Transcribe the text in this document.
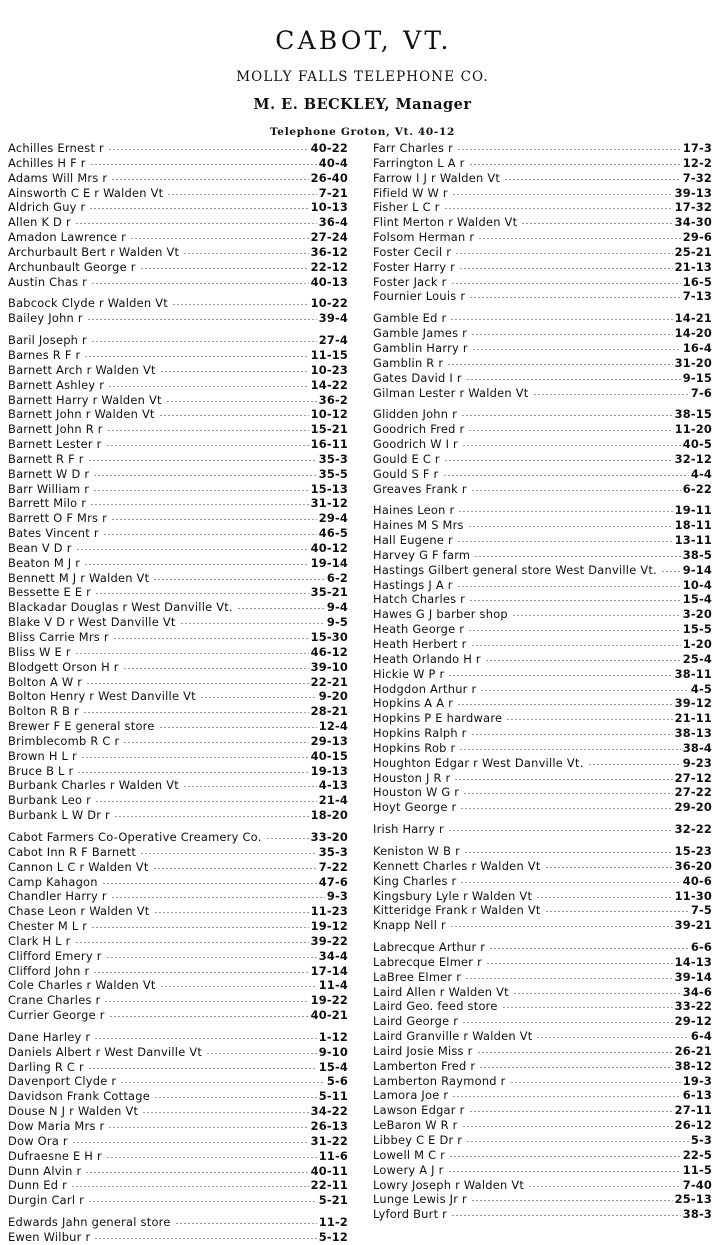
CABOT, VT.
MOLLY FALLS TELEPHONE CO.
M. E. BECKLEY, Manager
Telephone Groton, Vt. 40-12
Achilles Ernest r	40-22
Achilles H F r	40-4
Adams Will Mrs r	26-40
Ainsworth C E r Walden Vt	7-21
Aldrich Guy r	10-13
Allen K D r	36-4
Amadon Lawrence r	27-24
Archurbault Bert r Walden Vt	36-12
Archunbault George r	22-12
Austin Chas r	40-13
Babcock Clyde r Walden Vt	10-22
Bailey John r	39-4
Baril Joseph r	27-4
Barnes R F r	11-15
Barnett Arch r Walden Vt	10-23
Barnett Ashley r	14-22
Barnett Harry r Walden Vt	36-2
Barnett John r Walden Vt	10-12
Barnett John R r	15-21
Barnett Lester r	16-11
Barnett R F r	35-3
Barnett W D r	35-5
Barr William r	15-13
Barrett Milo r	31-12
Barrett O F Mrs r	29-4
Bates Vincent r	46-5
Bean V D r	40-12
Beaton M J r	19-14
Bennett M J r Walden Vt	6-2
Bessette E E r	35-21
Blackadar Douglas r West Danville Vt.	9-4
Blake V D r West Danville Vt	9-5
Bliss Carrie Mrs r	15-30
Bliss W E r	46-12
Blodgett Orson H r	39-10
Bolton A W r	22-21
Bolton Henry r West Danville Vt	9-20
Bolton R B r	28-21
Brewer F E general store	12-4
Brimblecomb R C r	29-13
Brown H L r	40-15
Bruce B L r	19-13
Burbank Charles r Walden Vt	4-13
Burbank Leo r	21-4
Burbank L W Dr r	18-20
Cabot Farmers Co-Operative Creamery Co.	33-20
Cabot Inn R F Barnett	35-3
Cannon L C r Walden Vt	7-22
Camp Kahagon	47-6
Chandler Harry r	9-3
Chase Leon r Walden Vt	11-23
Chester M L r	19-12
Clark H L r	39-22
Clifford Emery r	34-4
Clifford John r	17-14
Cole Charles r Walden Vt	11-4
Crane Charles r	19-22
Currier George r	40-21
Dane Harley r	1-12
Daniels Albert r West Danville Vt	9-10
Darling R C r	15-4
Davenport Clyde r	5-6
Davidson Frank Cottage	5-11
Douse N J r Walden Vt	34-22
Dow Maria Mrs r	26-13
Dow Ora r	31-22
Dufraesne E H r	11-6
Dunn Alvin r	40-11
Dunn Ed r	22-11
Durgin Carl r	5-21
Edwards Jahn general store	11-2
Ewen Wilbur r	5-12
Farr Charles r	17-3
Farrington L A r	12-2
Farrow I J r Walden Vt	7-32
Fifield W W r	39-13
Fisher L C r	17-32
Flint Merton r Walden Vt	34-30
Folsom Herman r	29-6
Foster Cecil r	25-21
Foster Harry r	21-13
Foster Jack r	16-5
Fournier Louis r	7-13
Gamble Ed r	14-21
Gamble James r	14-20
Gamblin Harry r	16-4
Gamblin R r	31-20
Gates David I r	9-15
Gilman Lester r Walden Vt	7-6
Glidden John r	38-15
Goodrich Fred r	11-20
Goodrich W I r	40-5
Gould E C r	32-12
Gould S F r	4-4
Greaves Frank r	6-22
Haines Leon r	19-11
Haines M S Mrs	18-11
Hall Eugene r	13-11
Harvey G F farm	38-5
Hastings Gilbert general store West Danville Vt. 9-14
Hastings J A r	10-4
Hatch Charles r	15-4
Hawes G J barber shop	3-20
Heath George r	15-5
Heath Herbert r	1-20
Heath Orlando H r	25-4
Hickie W P r	38-11
Hodgdon Arthur r	4-5
Hopkins A A r	39-12
Hopkins P E hardware	21-11
Hopkins Ralph r	38-13
Hopkins Rob r	38-4
Houghton Edgar r West Danville Vt.	9-23
Houston J R r	27-12
Houston W G r	27-22
Hoyt George r	29-20
Irish Harry r	32-22
Keniston W B r	15-23
Kennett Charles r Walden Vt	36-20
King Charles r	40-6
Kingsbury Lyle r Walden Vt	11-30
Kitteridge Frank r Walden Vt	7-5
Knapp Nell r	39-21
Labrecque Arthur r	6-6
Labrecque Elmer r	14-13
LaBree Elmer r	39-14
Laird Allen r Walden Vt	34-6
Laird Geo. feed store	33-22
Laird George r	29-12
Laird Granville r Walden Vt	6-4
Laird Josie Miss r	26-21
Lamberton Fred r	38-12
Lamberton Raymond r	19-3
Lamora Joe r	6-13
Lawson Edgar r	27-11
LeBaron W R r	26-12
Libbey C E Dr r	5-3
Lowell M C r	22-5
Lowery A J r	11-5
Lowry Joseph r Walden Vt	7-40
Lunge Lewis Jr r	25-13
Lyford Burt r	38-3
